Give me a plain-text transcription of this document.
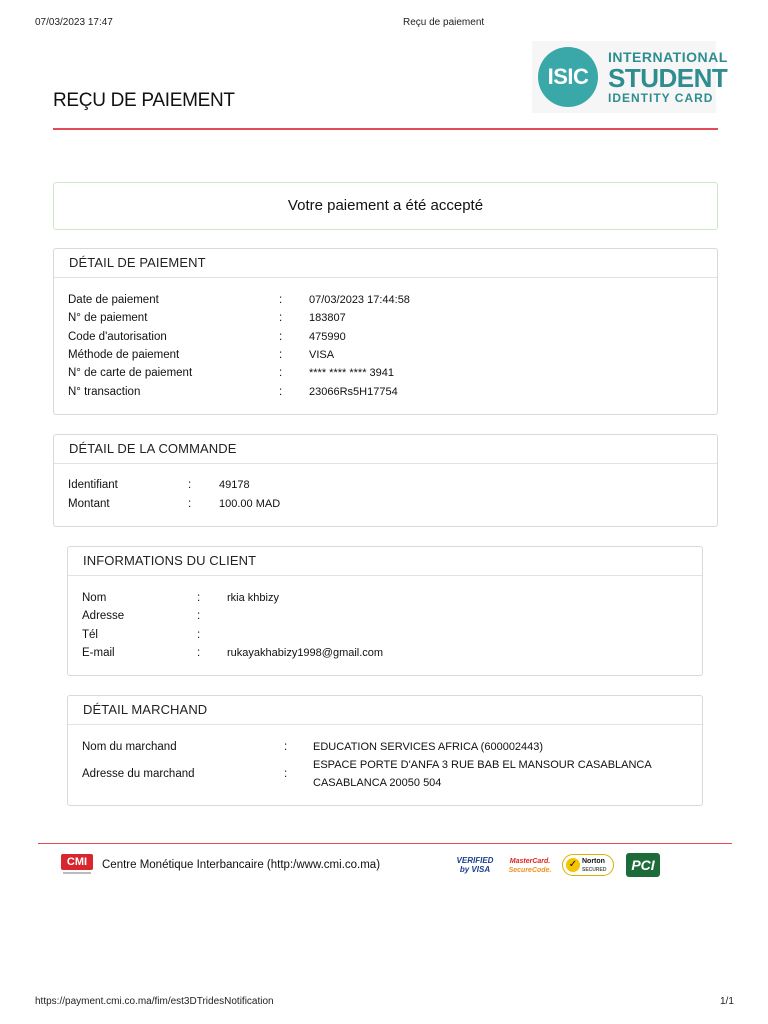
07/03/2023 17:47	Reçu de paiement
REÇU DE PAIEMENT
ISIC
INTERNATIONAL
STUDENT
IDENTITY CARD
Votre paiement a été accepté
DÉTAIL DE PAIEMENT
Date de paiement	: 07/03/2023 17:44:58
N° de paiement	: 183807
Code d'autorisation	: 475990
Méthode de paiement	: VISA
N° de carte de paiement	: **** **** **** 3941
N° transaction	: 23066Rs5H17754
DÉTAIL DE LA COMMANDE
Identifiant	:	49178
Montant	:	100.00 MAD
INFORMATIONS DU CLIENT
Nom	: rkia khbizy
Adresse	:
Tél	:
E-mail	: rukayakhabizy1998@gmail.com
DÉTAIL MARCHAND
Nom du marchand	: EDUCATION SERVICES AFRICA (600002443)
Adresse du marchand	:
ESPACE PORTE D'ANFA 3 RUE BAB EL MANSOUR CASABLANCA
CASABLANCA 20050 504
CMI	Centre Monétique Interbancaire (http:/www.cmi.co.ma)	VERIFIED
by VISA
MasterCard.
SecureCode.
✓ Norton
SECURED	PCI
https://payment.cmi.co.ma/fim/est3DTridesNotification	1/1
